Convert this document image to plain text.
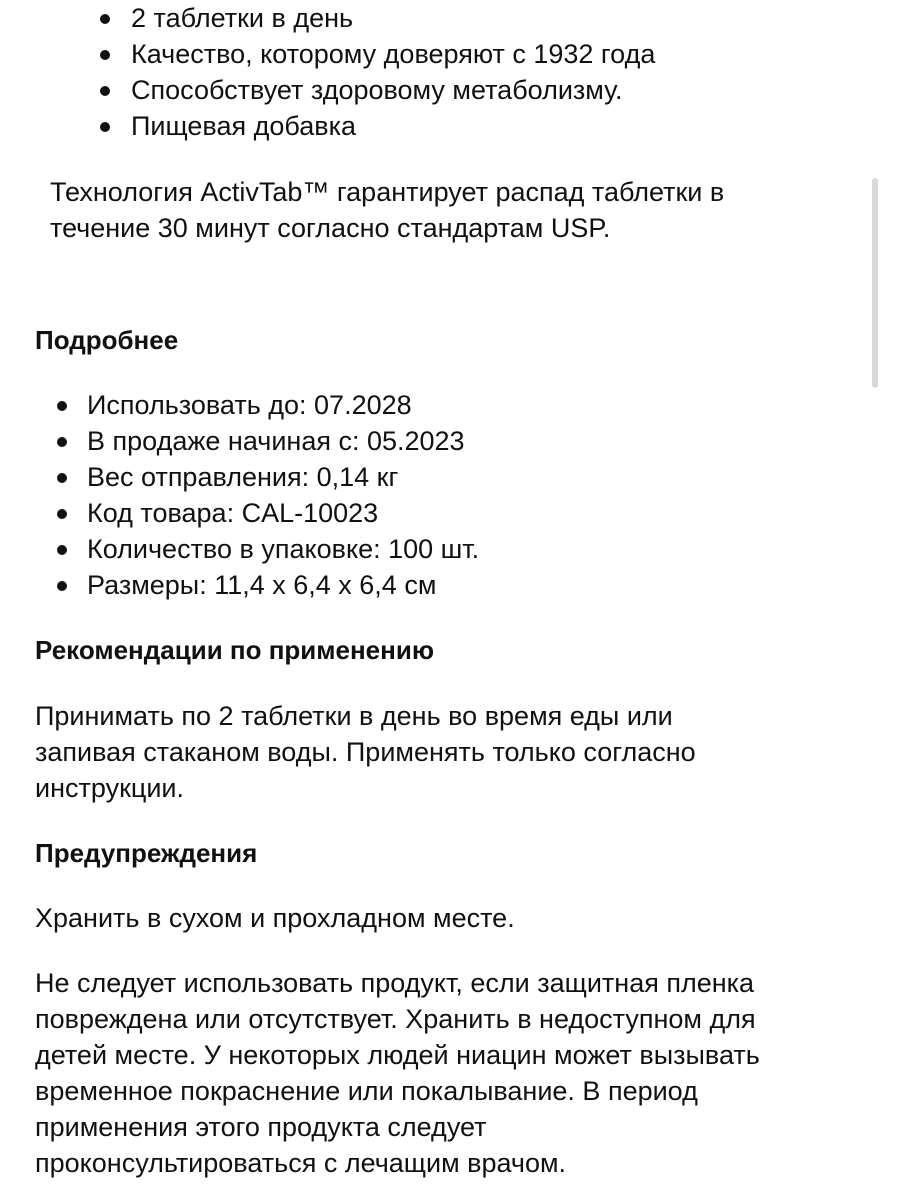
2 таблетки в день
Качество, которому доверяют с 1932 года
Способствует здоровому метаболизму.
Пищевая добавка

Технология ActivTab™ гарантирует распад таблетки в

течение 30 минут согласно стандартам USP.

Подробнее
Использовать до: 07.2028
В продаже начиная с: 05.2023
Вес отправления: 0,14 кг
Код товара: CAL-10023
Количество в упаковке: 100 шт.
Размеры: 11,4 x 6,4 x 6,4 см
Рекомендации по применению

Принимать по 2 таблетки в день во время еды или

запивая стаканом воды. Применять только согласно

инструкции.

Предупреждения

Хранить в сухом и прохладном месте.

Не следует использовать продукт, если защитная пленка

повреждена или отсутствует. Хранить в недоступном для

детей месте. У некоторых людей ниацин может вызывать

временное покраснение или покалывание. В период

применения этого продукта следует

проконсультироваться с лечащим врачом.
